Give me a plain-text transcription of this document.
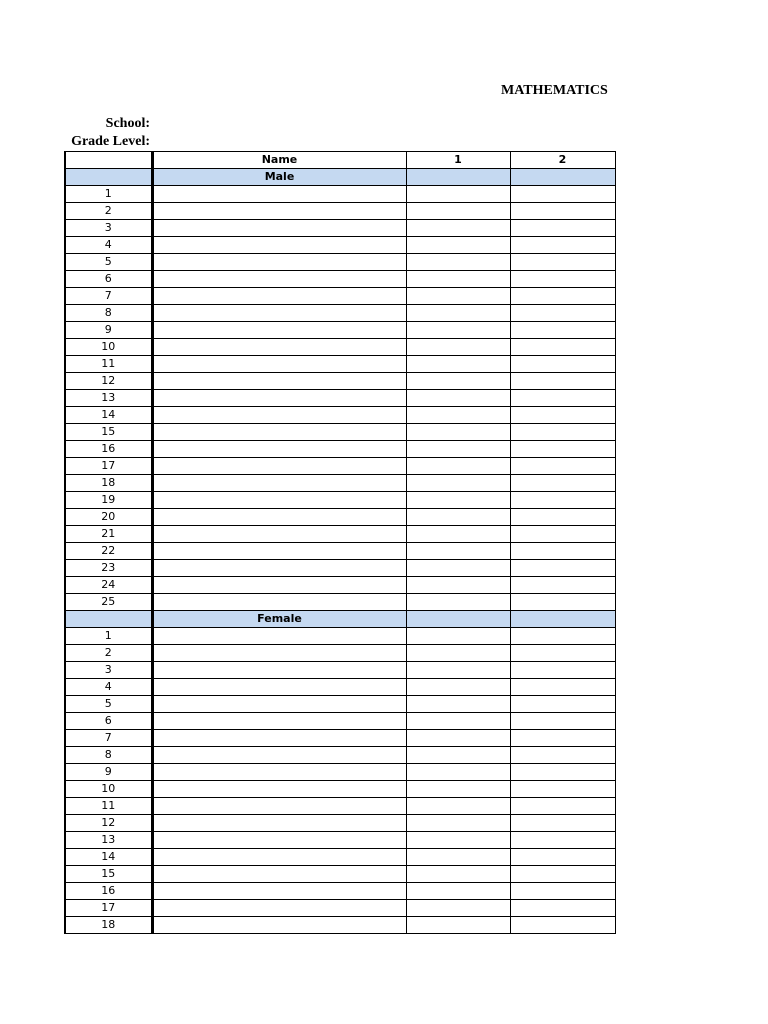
MATHEMATICS
School:
Grade Level:
	Name	1	2
	Male		
1			
2			
3			
4			
5			
6			
7			
8			
9			
10			
11			
12			
13			
14			
15			
16			
17			
18			
19			
20			
21			
22			
23			
24			
25			
	Female		
1			
2			
3			
4			
5			
6			
7			
8			
9			
10			
11			
12			
13			
14			
15			
16			
17			
18			
